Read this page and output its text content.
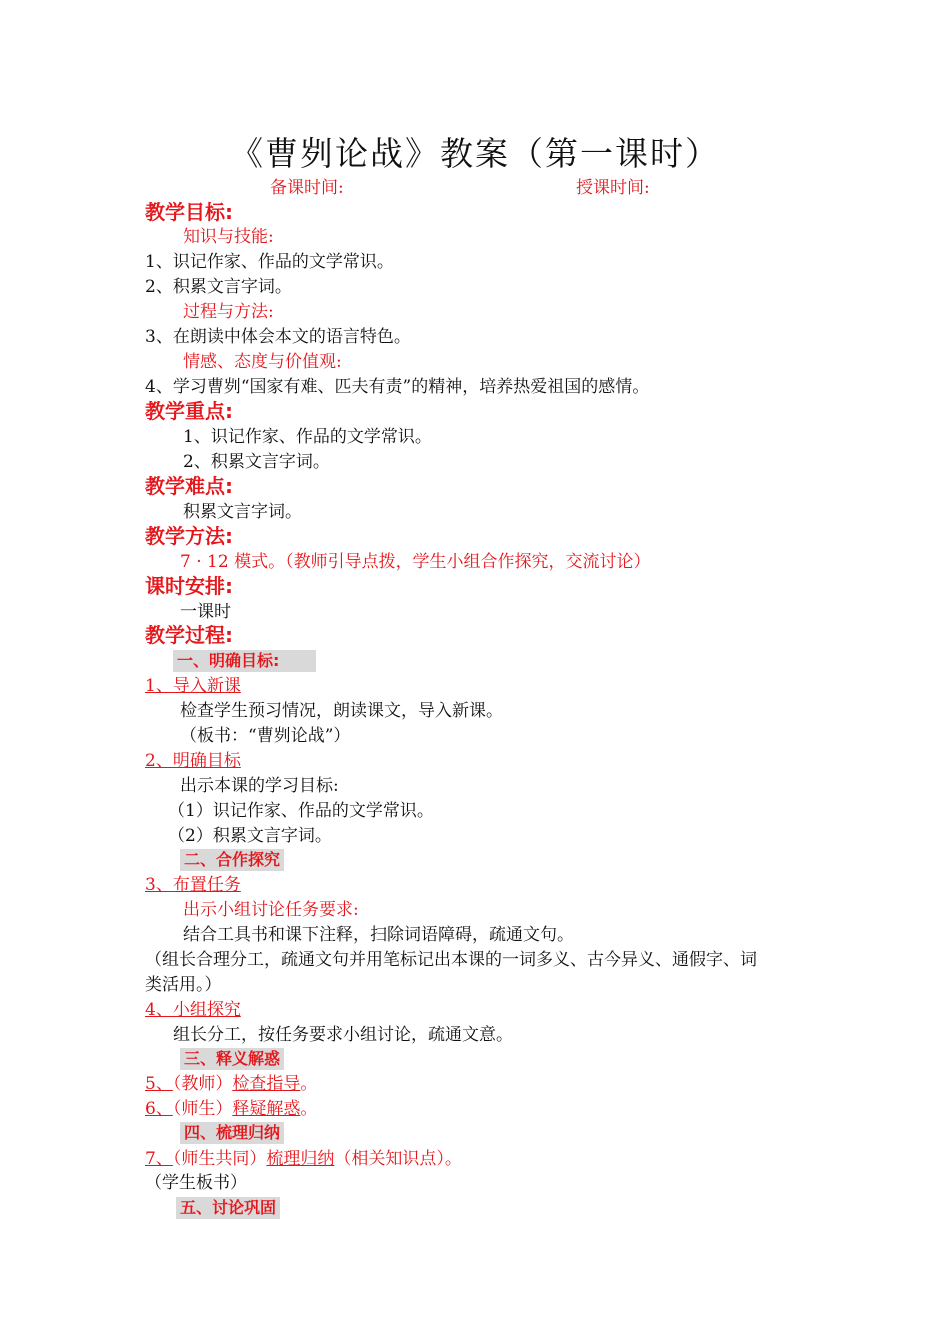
《曹刿论战》教案（第一课时）
备课时间:	授课时间:
教学目标:
知识与技能:
1、识记作家、作品的文学常识。
2、积累文言字词。
过程与方法:
3、在朗读中体会本文的语言特色。
情感、态度与价值观:
4、学习曹刿“国家有难、匹夫有责”的精神，培养热爱祖国的感情。
教学重点:
1、识记作家、作品的文学常识。
2、积累文言字词。
教学难点:
积累文言字词。
教学方法:
7 · 12 模式。（教师引导点拨，学生小组合作探究，交流讨论）
课时安排:
一课时
教学过程:
一、明确目标:
1、导入新课
检查学生预习情况，朗读课文，导入新课。
（板书：“曹刿论战”）
2、明确目标
出示本课的学习目标:
（1）识记作家、作品的文学常识。
（2）积累文言字词。
二、合作探究
3、布置任务
出示小组讨论任务要求:
结合工具书和课下注释，扫除词语障碍，疏通文句。
（组长合理分工，疏通文句并用笔标记出本课的一词多义、古今异义、通假字、词
类活用。）
4、小组探究
组长分工，按任务要求小组讨论，疏通文意。
三、释义解惑
5、（教师）检查指导。
6、（师生）释疑解惑。
四、梳理归纳
7、（师生共同）梳理归纳（相关知识点）。
（学生板书）
五、讨论巩固
